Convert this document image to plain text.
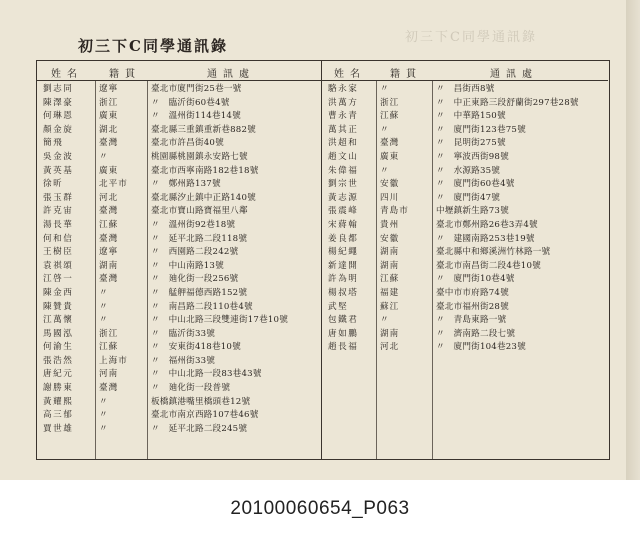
初三下C同學通訊錄
初三下C同學通訊錄
姓名	籍貫	通訊處
劉志同	遼寧	臺北市廈門街25巷一號
陳澤豪	浙江	〃　臨沂街60巷4號
何琳恩	廣東	〃　溫州街114巷14號
顏金旋	湖北	臺北縣三重鎮重新巷882號
簡飛	臺灣	臺北市許昌街40號
吳金波	〃	桃園縣桃園鎮永安路七號
黃英基	廣東	臺北市西寧南路182巷18號
徐昕	北平市	〃　鄭州路137號
張玉群	河北	臺北縣汐止鎮中正路140號
許克宙	臺灣	臺北市寶山路寶福里八鄰
湯長華	江蘇	〃　溫州街92巷18號
何和信	臺灣	〃　延平北路二段118號
王樹臣	遼寧	〃　西園路二段242號
袁祺頌	湖南	〃　中山南路13號
江啓一	臺灣	〃　廸化街一段256號
陳金西	〃	〃　艋舺福德西路152號
陳贊貴	〃	〃　南昌路二段110巷4號
江萬懷	〃	〃　中山北路三段雙連街17巷10號
馬國泓	浙江	〃　臨沂街33號
何渝生	江蘇	〃　安東街418巷10號
張浩然	上海市	〃　福州街33號
唐紀元	河南	〃　中山北路一段83巷43號
謝勝東	臺灣	〃　廸化街一段普號
黃耀熙	〃	板橋鎮港嘴里橋頭巷12號
高三郁	〃	臺北市南京西路107巷46號
賈世雄	〃	〃　延平北路二段245號
姓名 籍貫	通訊處
駱永家	〃	〃　昌街西8號
洪萬方	浙江	〃　中正東路三段舒蘭街297巷28號
曹永青	江蘇	〃　中華路150號
萬其正	〃	〃　廈門街123巷75號
洪超和	臺灣	〃　昆明街275號
趙文山	廣東	〃　寧波西街98號
朱偉福	〃	〃　水源路35號
劉宗世	安徽	〃　廈門街60巷4號
黃志源	四川	〃　廈門街47號
張震峰	青島市	中壢鎮新生路73號
宋蔣翰	貴州	臺北市鄭州路26巷3弄4號
姜良都	安徽	〃　建國南路253巷19號
楊紀繩	湖南	臺北縣中和鄉溪洲竹林路一號
新達開	湖南	臺北市南昌街二段4巷10號
許為明	江蘇	〃　廈門街10巷4號
楊叔塔	福建	臺中市市府路74號
武堅	蘇江	臺北市福州街28號
包鐵君	〃	〃　青島東路一號
唐如鵬	湖南	〃　濟南路二段七號
趙長福	河北	〃　廈門街104巷23號
20100060654_P063
